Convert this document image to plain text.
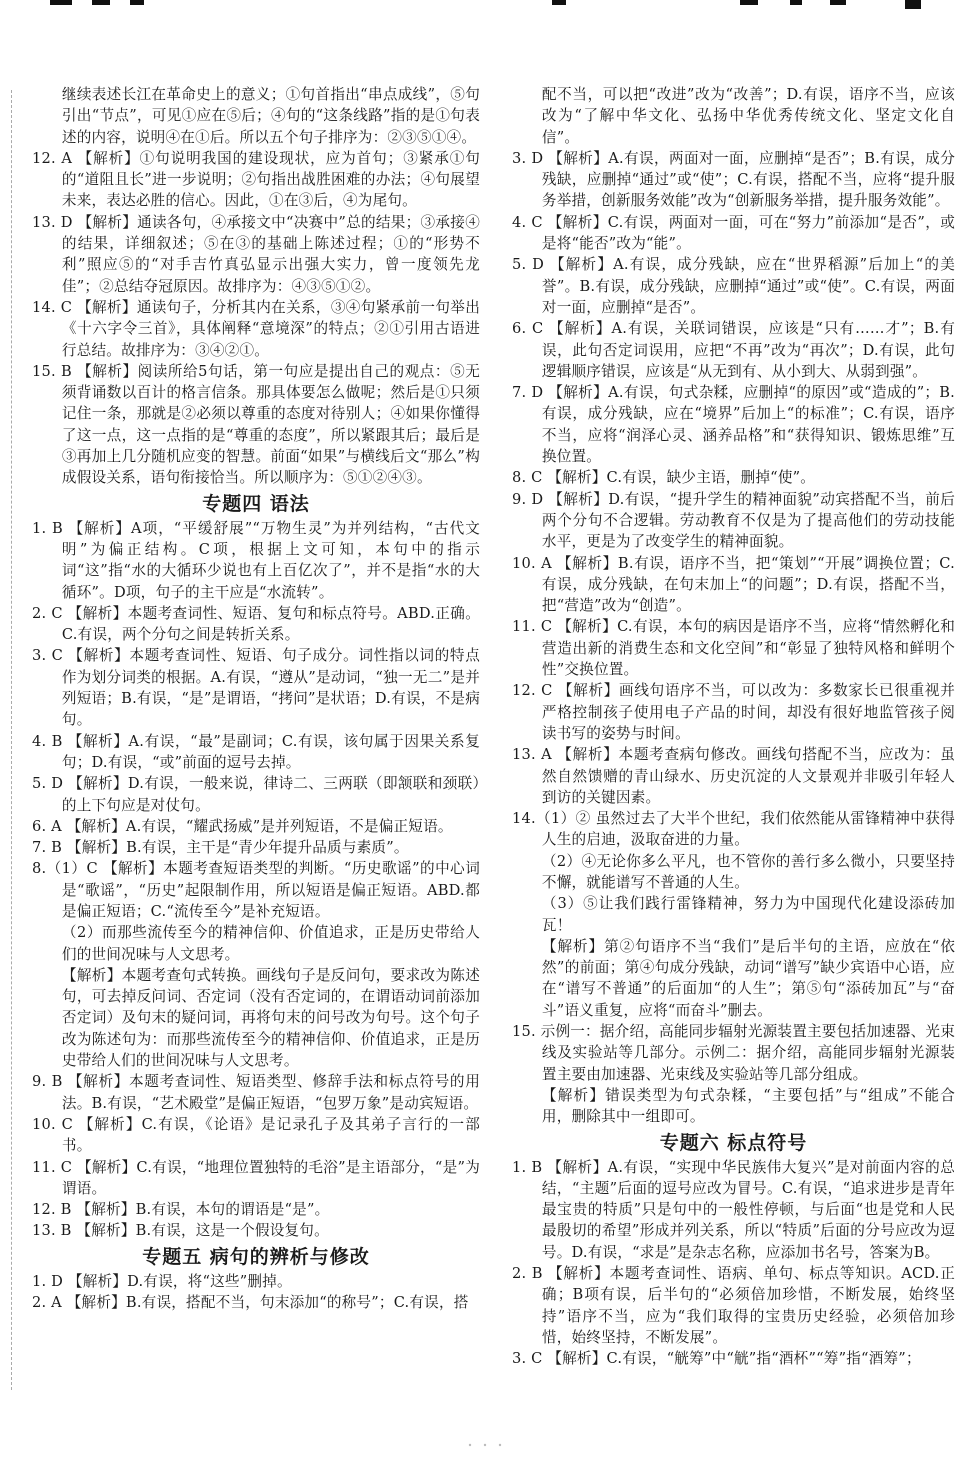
继续表述长江在革命史上的意义；①句首指出“串点成线”，⑤句引出“节点”，可见①应在⑤后；④句的“这条线路”指的是①句表述的内容，说明④在①后。所以五个句子排序为：②③⑤①④。

12. A 【解析】①句说明我国的建设现状，应为首句；③紧承①句的“道阻且长”进一步说明；②句指出战胜困难的办法；④句展望未来，表达必胜的信心。因此，①在③后，④为尾句。

13. D 【解析】通读各句，④承接文中“决赛中”总的结果；③承接④的结果，详细叙述；⑤在③的基础上陈述过程；①的“形势不利”照应⑤的“对手吉竹真弘显示出强大实力，曾一度领先龙佳”；②总结夺冠原因。故排序为：④③⑤①②。

14. C 【解析】通读句子，分析其内在关系，③④句紧承前一句举出《十六字令三首》，具体阐释“意境深”的特点；②①引用古语进行总结。故排序为：③④②①。

15. B 【解析】阅读所给5句话，第一句应是提出自己的观点：⑤无须背诵数以百计的格言信条。那具体要怎么做呢；然后是①只须记住一条，那就是②必须以尊重的态度对待别人；④如果你懂得了这一点，这一点指的是“尊重的态度”，所以紧跟其后；最后是③再加上几分随机应变的智慧。前面“如果”与横线后文“那么”构成假设关系，语句衔接恰当。所以顺序为：⑤①②④③。

专题四 语法

1. B 【解析】A项，“平缓舒展”“万物生灵”为并列结构，“古代文明”为偏正结构。C项，根据上文可知，本句中的指示词“这”指“水的大循环少说也有上百亿次了”，并不是指“水的大循环”。D项，句子的主干应是“水流转”。

2. C 【解析】本题考查词性、短语、复句和标点符号。ABD.正确。C.有误，两个分句之间是转折关系。

3. C 【解析】本题考查词性、短语、句子成分。词性指以词的特点作为划分词类的根据。A.有误，“遵从”是动词，“独一无二”是并列短语；B.有误，“是”是谓语，“拷问”是状语；D.有误，不是病句。

4. B 【解析】A.有误，“最”是副词；C.有误，该句属于因果关系复句；D.有误，“或”前面的逗号去掉。

5. D 【解析】D.有误，一般来说，律诗二、三两联（即颔联和颈联）的上下句应是对仗句。

6. A 【解析】A.有误，“耀武扬威”是并列短语，不是偏正短语。

7. B 【解析】B.有误，主干是“青少年提升品质与素质”。

8.（1）C 【解析】本题考查短语类型的判断。“历史歌谣”的中心词是“歌谣”，“历史”起限制作用，所以短语是偏正短语。ABD.都是偏正短语；C.“流传至今”是补充短语。

（2）而那些流传至今的精神信仰、价值追求，正是历史带给人们的世间况味与人文思考。

【解析】本题考查句式转换。画线句子是反问句，要求改为陈述句，可去掉反问词、否定词（没有否定词的，在谓语动词前添加否定词）及句末的疑问词，再将句末的问号改为句号。这个句子改为陈述句为：而那些流传至今的精神信仰、价值追求，正是历史带给人们的世间况味与人文思考。

9. B 【解析】本题考查词性、短语类型、修辞手法和标点符号的用法。B.有误，“艺术殿堂”是偏正短语，“包罗万象”是动宾短语。

10. C 【解析】C.有误，《论语》是记录孔子及其弟子言行的一部书。

11. C 【解析】C.有误，“地理位置独特的毛浴”是主语部分，“是”为谓语。

12. B 【解析】B.有误，本句的谓语是“是”。

13. B 【解析】B.有误，这是一个假设复句。

专题五 病句的辨析与修改

1. D 【解析】D.有误，将“这些”删掉。

2. A 【解析】B.有误，搭配不当，句末添加“的称号”；C.有误，搭

配不当，可以把“改进”改为“改善”；D.有误，语序不当，应该改为“了解中华文化、弘扬中华优秀传统文化、坚定文化自信”。

3. D 【解析】A.有误，两面对一面，应删掉“是否”；B.有误，成分残缺，应删掉“通过”或“使”；C.有误，搭配不当，应将“提升服务举措，创新服务效能”改为“创新服务举措，提升服务效能”。

4. C 【解析】C.有误，两面对一面，可在“努力”前添加“是否”，或是将“能否”改为“能”。

5. D 【解析】A.有误，成分残缺，应在“世界稻源”后加上“的美誉”。B.有误，成分残缺，应删掉“通过”或“使”。C.有误，两面对一面，应删掉“是否”。

6. C 【解析】A.有误，关联词错误，应该是“只有……才”；B.有误，此句否定词误用，应把“不再”改为“再次”；D.有误，此句逻辑顺序错误，应该是“从无到有、从小到大、从弱到强”。

7. D 【解析】A.有误，句式杂糅，应删掉“的原因”或“造成的”；B.有误，成分残缺，应在“境界”后加上“的标准”；C.有误，语序不当，应将“润泽心灵、涵养品格”和“获得知识、锻炼思维”互换位置。

8. C 【解析】C.有误，缺少主语，删掉“使”。

9. D 【解析】D.有误，“提升学生的精神面貌”动宾搭配不当，前后两个分句不合逻辑。劳动教育不仅是为了提高他们的劳动技能水平，更是为了改变学生的精神面貌。

10. A 【解析】B.有误，语序不当，把“策划”“开展”调换位置；C.有误，成分残缺，在句末加上“的问题”；D.有误，搭配不当，把“营造”改为“创造”。

11. C 【解析】C.有误，本句的病因是语序不当，应将“情然孵化和营造出新的消费生态和文化空间”和“彰显了独特风格和鲜明个性”交换位置。

12. C 【解析】画线句语序不当，可以改为：多数家长已很重视并严格控制孩子使用电子产品的时间，却没有很好地监管孩子阅读书写的姿势与时间。

13. A 【解析】本题考查病句修改。画线句搭配不当，应改为：虽然自然馈赠的青山绿水、历史沉淀的人文景观并非吸引年轻人到访的关键因素。

14.（1）② 虽然过去了大半个世纪，我们依然能从雷锋精神中获得人生的启迪，汲取奋进的力量。

（2）④无论你多么平凡，也不管你的善行多么微小，只要坚持不懈，就能谱写不普通的人生。

（3）⑤让我们践行雷锋精神，努力为中国现代化建设添砖加瓦！

【解析】第②句语序不当“我们”是后半句的主语，应放在“依然”的前面；第④句成分残缺，动词“谱写”缺少宾语中心语，应在“谱写不普通”的后面加“的人生”；第⑤句“添砖加瓦”与“奋斗”语义重复，应将“而奋斗”删去。

15. 示例一：据介绍，高能同步辐射光源装置主要包括加速器、光束线及实验站等几部分。示例二：据介绍，高能同步辐射光源装置主要由加速器、光束线及实验站等几部分组成。

【解析】错误类型为句式杂糅，“主要包括”与“组成”不能合用，删除其中一组即可。

专题六 标点符号

1. B 【解析】A.有误，“实现中华民族伟大复兴”是对前面内容的总结，“主题”后面的逗号应改为冒号。C.有误，“追求进步是青年最宝贵的特质”只是句中的一般性停顿，与后面“也是党和人民最殷切的希望”形成并列关系，所以“特质”后面的分号应改为逗号。D.有误，“求是”是杂志名称，应添加书名号，答案为B。

2. B 【解析】本题考查词性、语病、单句、标点等知识。ACD.正确；B项有误，后半句的“必须倍加珍惜，不断发展，始终坚持”语序不当，应为“我们取得的宝贵历史经验，必须倍加珍惜，始终坚持，不断发展”。

3. C 【解析】C.有误，“觥筹”中“觥”指“酒杯”“筹”指“酒筹”；
